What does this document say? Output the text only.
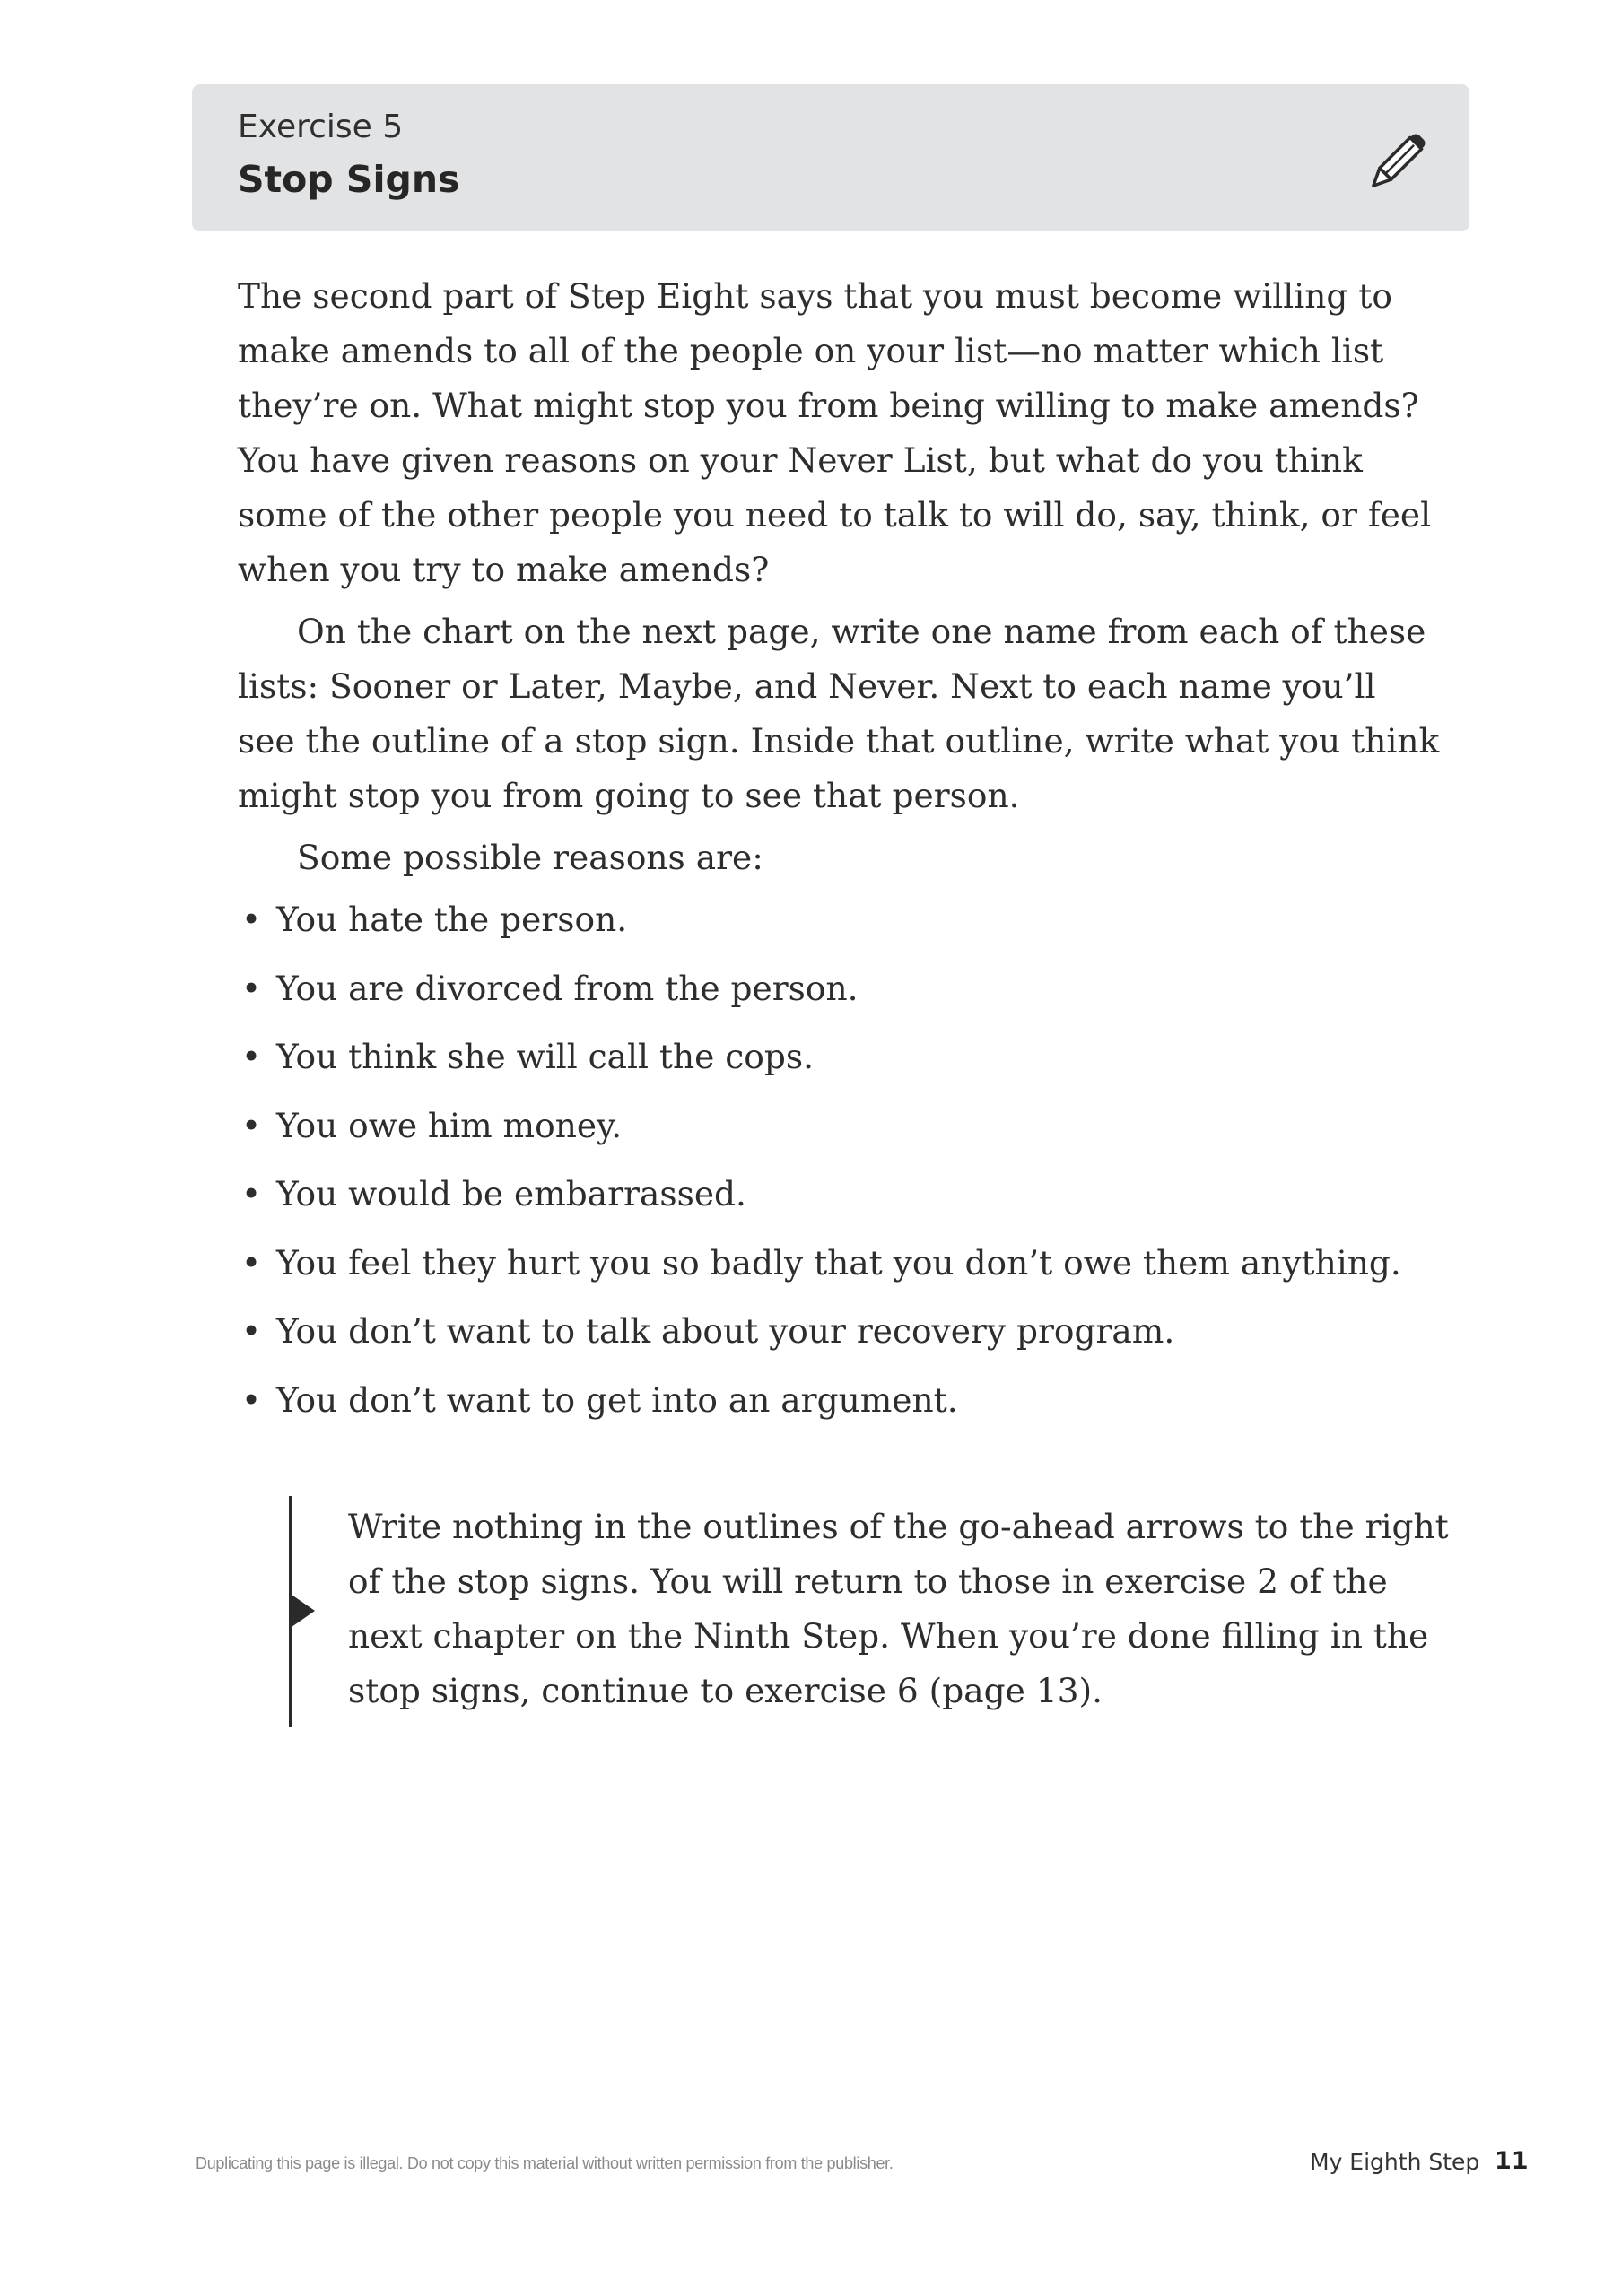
Exercise 5
Stop Signs

The second part of Step Eight says that you must become willing to make amends to all of the people on your list—no matter which list they’re on. What might stop you from being willing to make amends? You have given reasons on your Never List, but what do you think some of the other people you need to talk to will do, say, think, or feel when you try to make amends?

On the chart on the next page, write one name from each of these lists: Sooner or Later, Maybe, and Never. Next to each name you’ll see the outline of a stop sign. Inside that outline, write what you think might stop you from going to see that person.

Some possible reasons are:

• You hate the person.
• You are divorced from the person.
• You think she will call the cops.
• You owe him money.
• You would be embarrassed.
• You feel they hurt you so badly that you don’t owe them anything.
• You don’t want to talk about your recovery program.
• You don’t want to get into an argument.
Write nothing in the outlines of the go-ahead arrows to the right of the stop signs. You will return to those in exercise 2 of the next chapter on the Ninth Step. When you’re done filling in the stop signs, continue to exercise 6 (page 13).
Duplicating this page is illegal. Do not copy this material without written permission from the publisher.	My Eighth Step 11
